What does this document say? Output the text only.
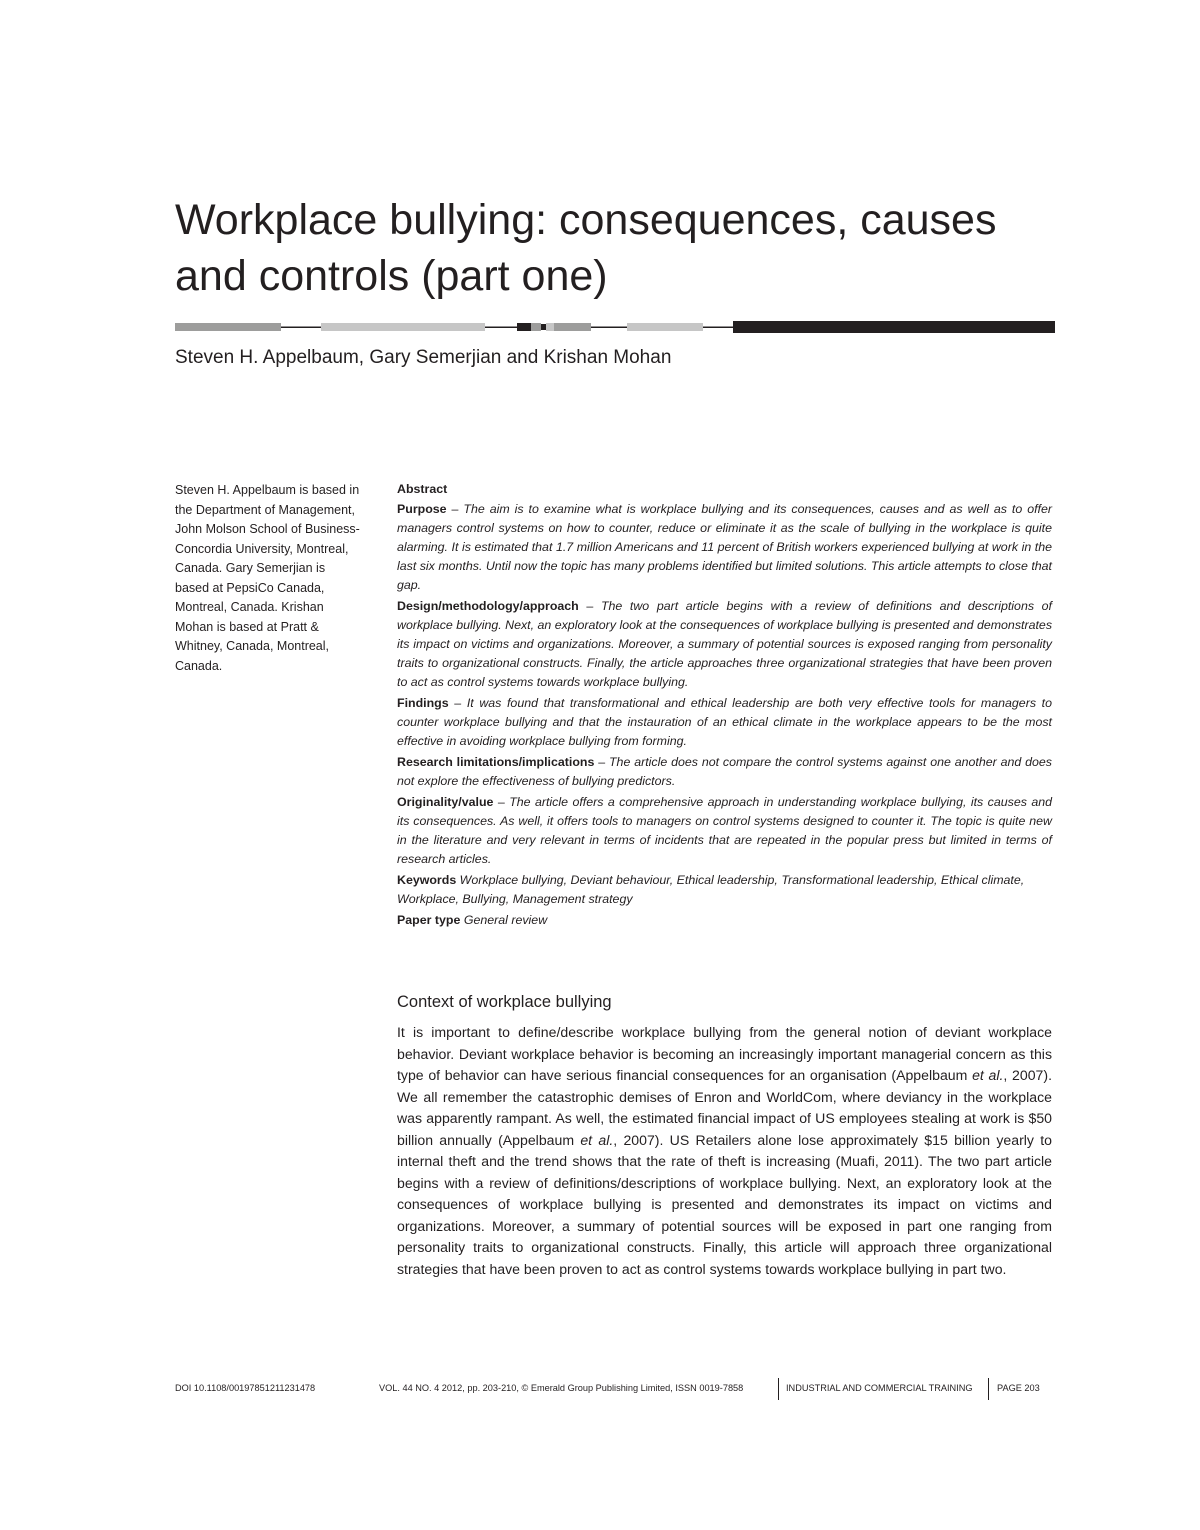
Workplace bullying: consequences, causes and controls (part one)

Steven H. Appelbaum, Gary Semerjian and Krishan Mohan

Steven H. Appelbaum is based in the Department of Management, John Molson School of Business-Concordia University, Montreal, Canada. Gary Semerjian is based at PepsiCo Canada, Montreal, Canada. Krishan Mohan is based at Pratt & Whitney, Canada, Montreal, Canada.

Abstract

Purpose – The aim is to examine what is workplace bullying and its consequences, causes and as well as to offer managers control systems on how to counter, reduce or eliminate it as the scale of bullying in the workplace is quite alarming. It is estimated that 1.7 million Americans and 11 percent of British workers experienced bullying at work in the last six months. Until now the topic has many problems identified but limited solutions. This article attempts to close that gap.

Design/methodology/approach – The two part article begins with a review of definitions and descriptions of workplace bullying. Next, an exploratory look at the consequences of workplace bullying is presented and demonstrates its impact on victims and organizations. Moreover, a summary of potential sources is exposed ranging from personality traits to organizational constructs. Finally, the article approaches three organizational strategies that have been proven to act as control systems towards workplace bullying.

Findings – It was found that transformational and ethical leadership are both very effective tools for managers to counter workplace bullying and that the instauration of an ethical climate in the workplace appears to be the most effective in avoiding workplace bullying from forming.

Research limitations/implications – The article does not compare the control systems against one another and does not explore the effectiveness of bullying predictors.

Originality/value – The article offers a comprehensive approach in understanding workplace bullying, its causes and its consequences. As well, it offers tools to managers on control systems designed to counter it. The topic is quite new in the literature and very relevant in terms of incidents that are repeated in the popular press but limited in terms of research articles.

Keywords Workplace bullying, Deviant behaviour, Ethical leadership, Transformational leadership, Ethical climate, Workplace, Bullying, Management strategy

Paper type General review

Context of workplace bullying

It is important to define/describe workplace bullying from the general notion of deviant workplace behavior. Deviant workplace behavior is becoming an increasingly important managerial concern as this type of behavior can have serious financial consequences for an organisation (Appelbaum et al., 2007). We all remember the catastrophic demises of Enron and WorldCom, where deviancy in the workplace was apparently rampant. As well, the estimated financial impact of US employees stealing at work is $50 billion annually (Appelbaum et al., 2007). US Retailers alone lose approximately $15 billion yearly to internal theft and the trend shows that the rate of theft is increasing (Muafi, 2011). The two part article begins with a review of definitions/descriptions of workplace bullying. Next, an exploratory look at the consequences of workplace bullying is presented and demonstrates its impact on victims and organizations. Moreover, a summary of potential sources will be exposed in part one ranging from personality traits to organizational constructs. Finally, this article will approach three organizational strategies that have been proven to act as control systems towards workplace bullying in part two.

DOI 10.1108/00197851211231478	VOL. 44 NO. 4 2012, pp. 203-210, © Emerald Group Publishing Limited, ISSN 0019-7858	INDUSTRIAL AND COMMERCIAL TRAINING	PAGE 203
